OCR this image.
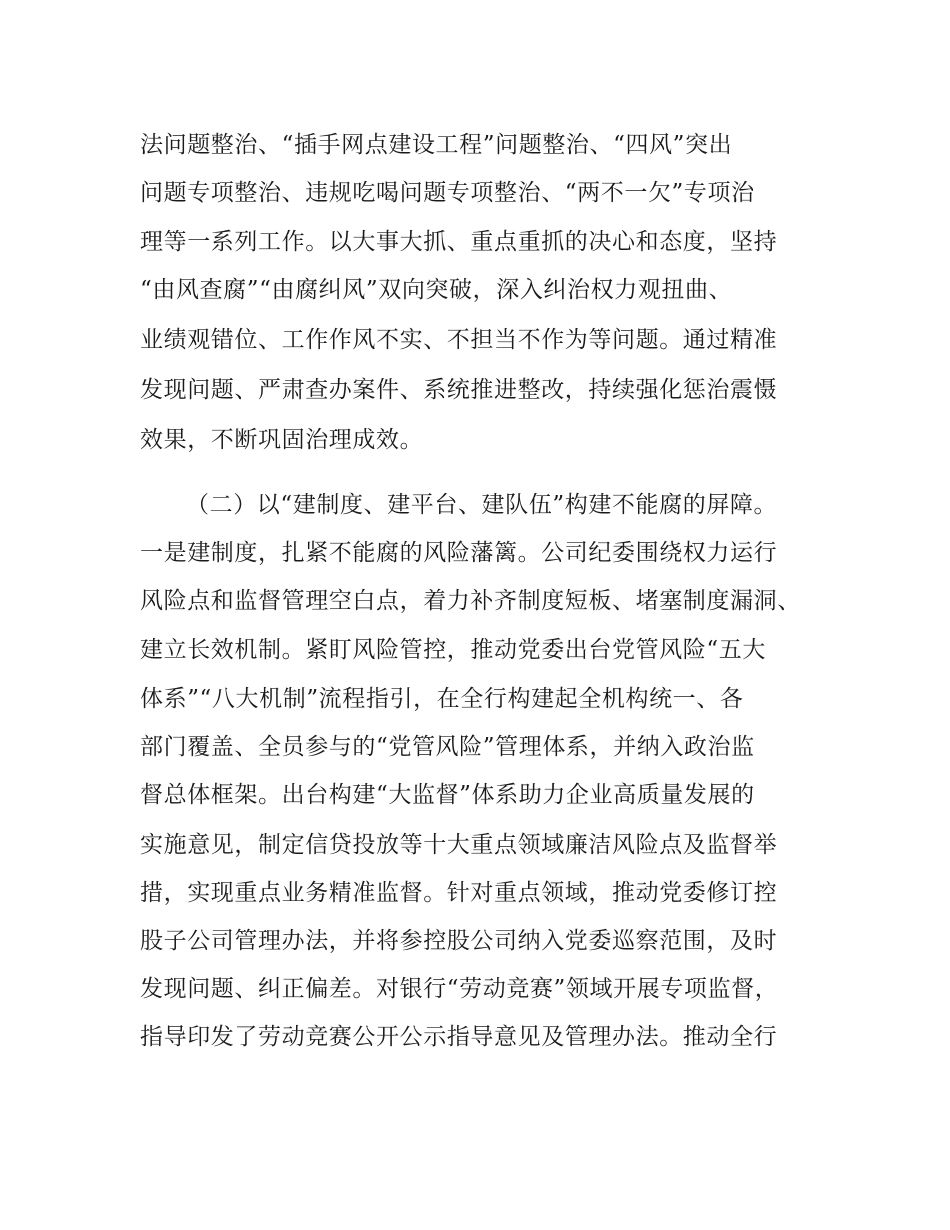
法问题整治、“插手网点建设工程”问题整治、“四风”突出
问题专项整治、违规吃喝问题专项整治、“两不一欠”专项治
理等一系列工作。以大事大抓、重点重抓的决心和态度，坚持
“由风查腐”“由腐纠风”双向突破，深入纠治权力观扭曲、
业绩观错位、工作作风不实、不担当不作为等问题。通过精准
发现问题、严肃查办案件、系统推进整改，持续强化惩治震慑
效果，不断巩固治理成效。
（二）以“建制度、建平台、建队伍”构建不能腐的屏障。
一是建制度，扎紧不能腐的风险藩篱。公司纪委围绕权力运行
风险点和监督管理空白点，着力补齐制度短板、堵塞制度漏洞、
建立长效机制。紧盯风险管控，推动党委出台党管风险“五大
体系”“八大机制”流程指引，在全行构建起全机构统一、各
部门覆盖、全员参与的“党管风险”管理体系，并纳入政治监
督总体框架。出台构建“大监督”体系助力企业高质量发展的
实施意见，制定信贷投放等十大重点领域廉洁风险点及监督举
措，实现重点业务精准监督。针对重点领域，推动党委修订控
股子公司管理办法，并将参控股公司纳入党委巡察范围，及时
发现问题、纠正偏差。对银行“劳动竞赛”领域开展专项监督，
指导印发了劳动竞赛公开公示指导意见及管理办法。推动全行
